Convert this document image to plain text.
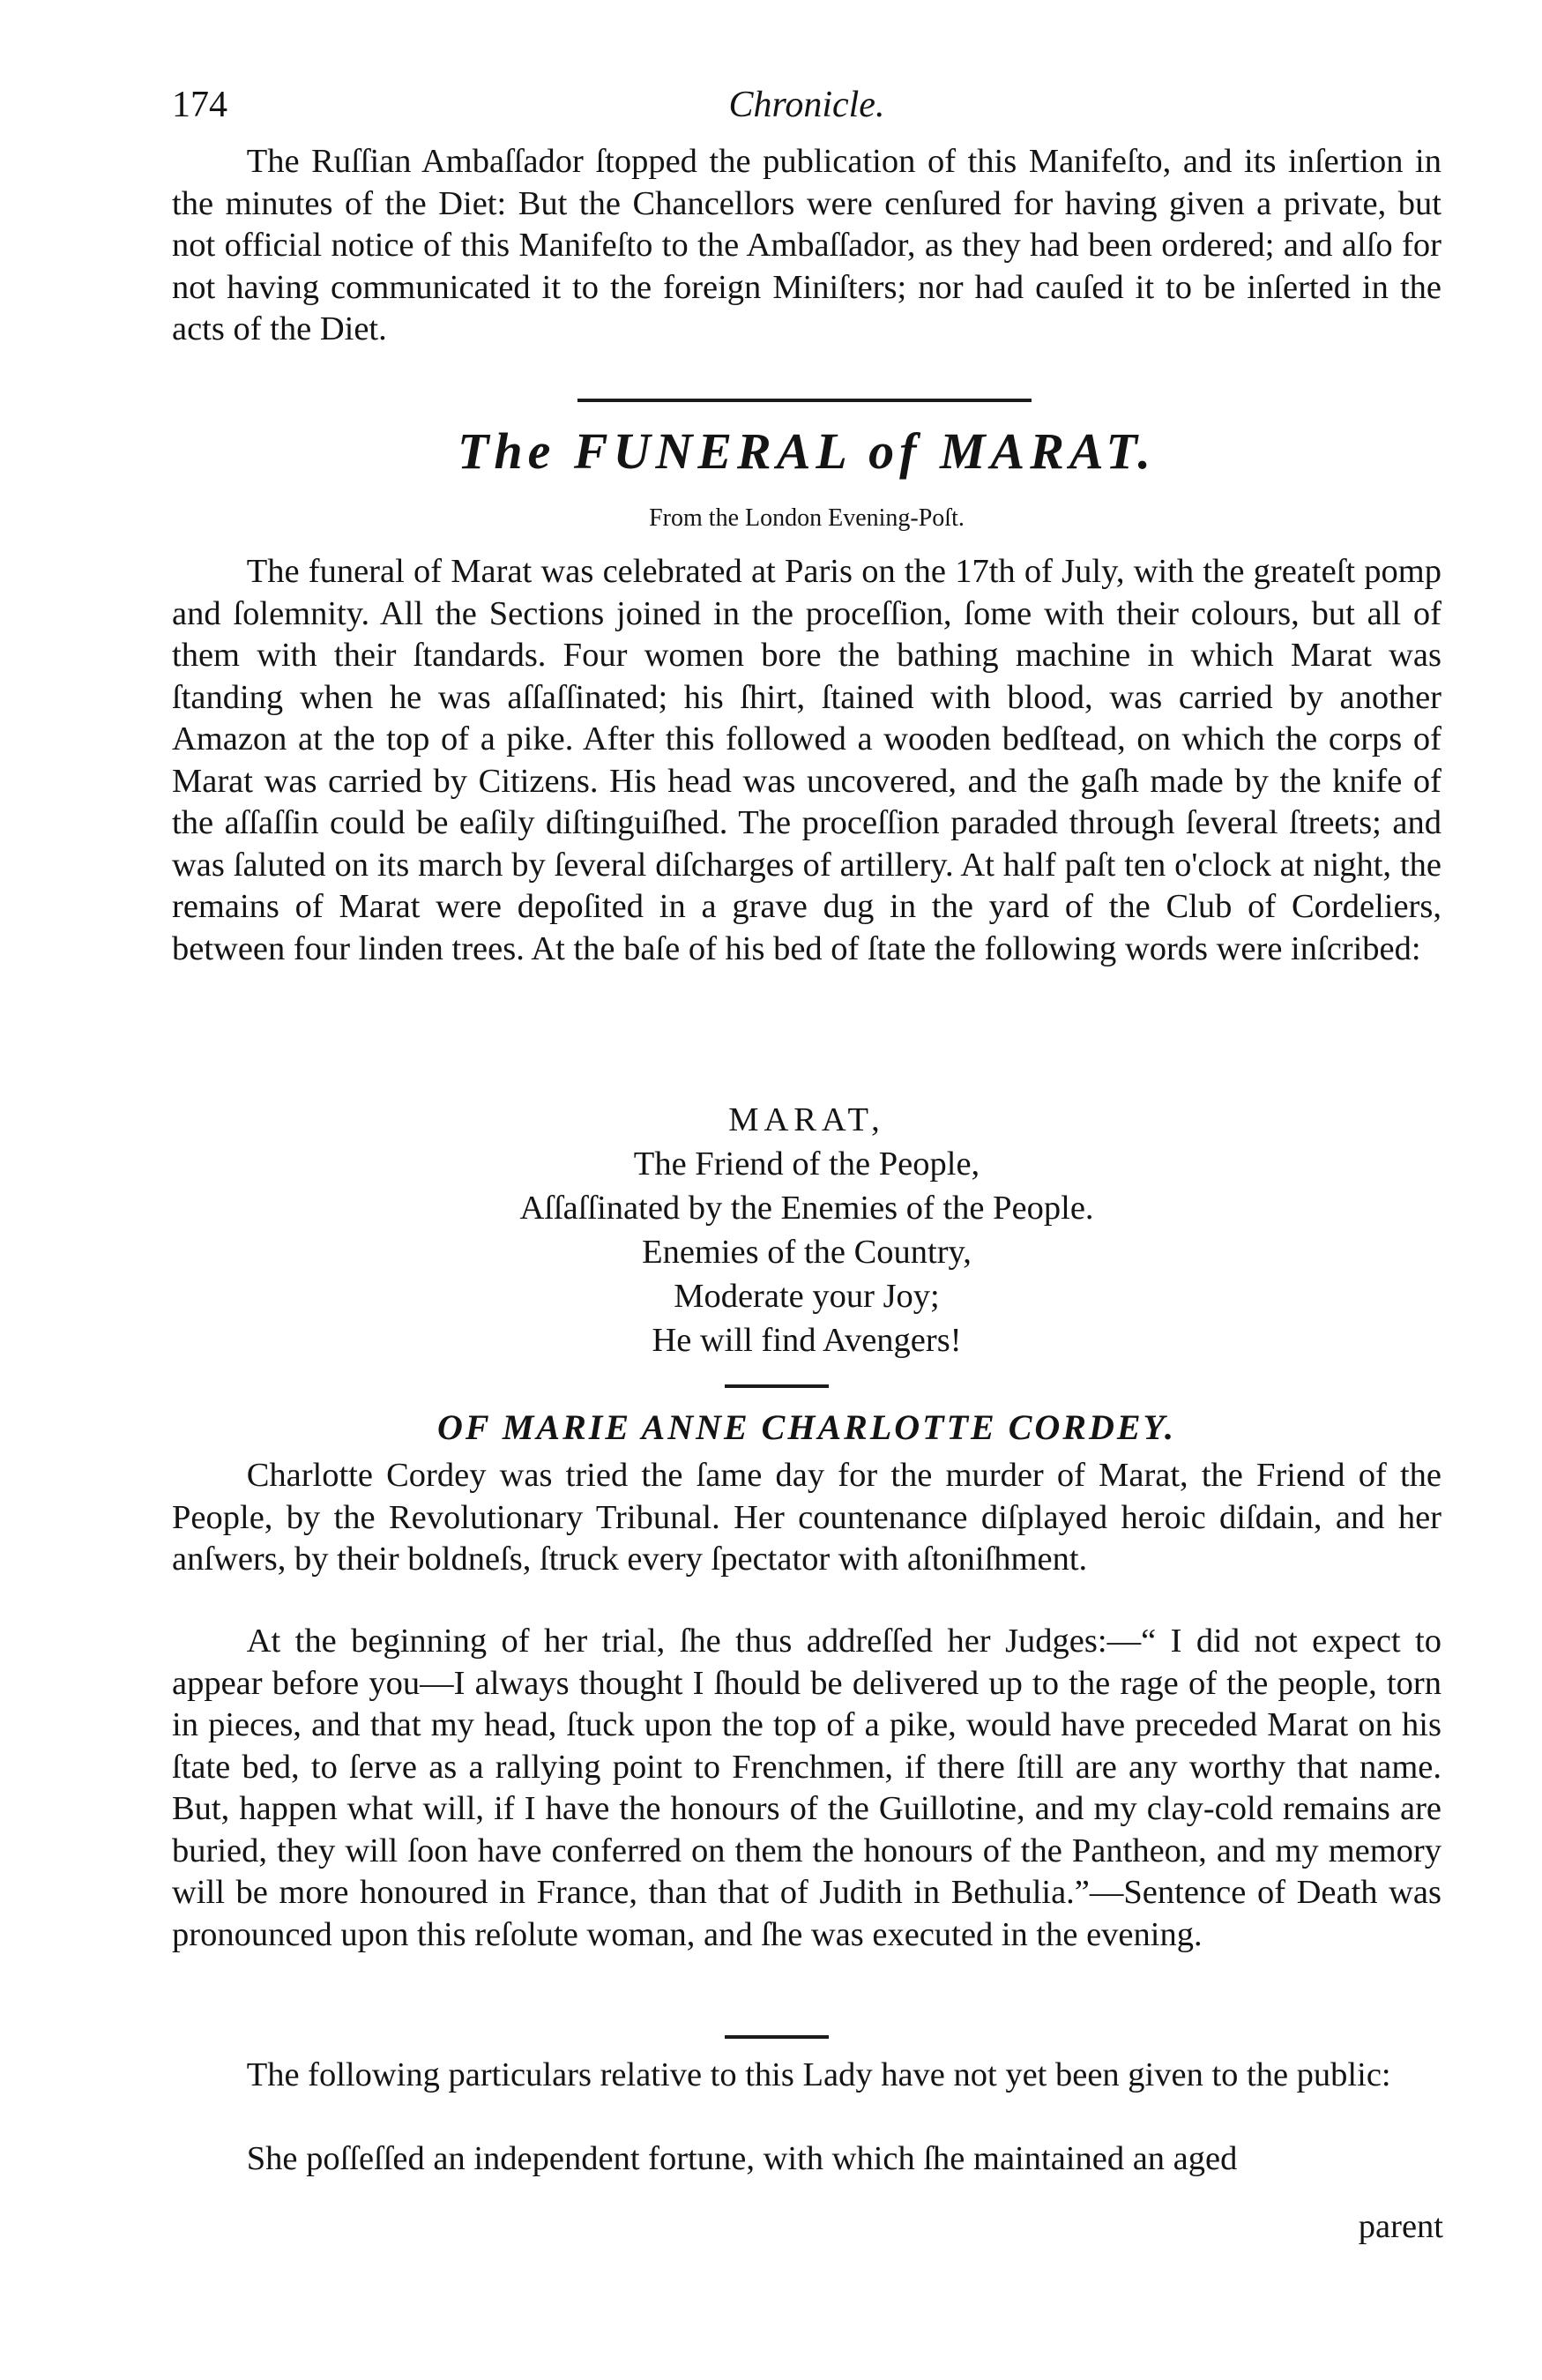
174	Chronicle.

The Ruſſian Ambaſſador ſtopped the publication of this Manifeſto, and its inſertion in the minutes of the Diet: But the Chancellors were cenſured for having given a private, but not official notice of this Manifeſto to the Ambaſſador, as they had been ordered; and alſo for not having communicated it to the foreign Miniſters; nor had cauſed it to be inſerted in the acts of the Diet.

The FUNERAL of MARAT.

From the London Evening-Poſt.

The funeral of Marat was celebrated at Paris on the 17th of July, with the greateſt pomp and ſolemnity. All the Sections joined in the proceſſion, ſome with their colours, but all of them with their ſtandards. Four women bore the bathing machine in which Marat was ſtanding when he was aſſaſſinated; his ſhirt, ſtained with blood, was carried by another Amazon at the top of a pike. After this followed a wooden bedſtead, on which the corps of Marat was carried by Citizens. His head was uncovered, and the gaſh made by the knife of the aſſaſſin could be eaſily diſtinguiſhed. The proceſſion paraded through ſeveral ſtreets; and was ſaluted on its march by ſeveral diſcharges of artillery. At half paſt ten o'clock at night, the remains of Marat were depoſited in a grave dug in the yard of the Club of Cordeliers, between four linden trees. At the baſe of his bed of ſtate the following words were inſcribed:

MARAT,
The Friend of the People,
Aſſaſſinated by the Enemies of the People.
Enemies of the Country,
Moderate your Joy;
He will find Avengers!
OF MARIE ANNE CHARLOTTE CORDEY.

Charlotte Cordey was tried the ſame day for the murder of Marat, the Friend of the People, by the Revolutionary Tribunal. Her countenance diſplayed heroic diſdain, and her anſwers, by their boldneſs, ſtruck every ſpectator with aſtoniſhment.

At the beginning of her trial, ſhe thus addreſſed her Judges:—“ I did not expect to appear before you—I always thought I ſhould be delivered up to the rage of the people, torn in pieces, and that my head, ſtuck upon the top of a pike, would have preceded Marat on his ſtate bed, to ſerve as a rallying point to Frenchmen, if there ſtill are any worthy that name. But, happen what will, if I have the honours of the Guillotine, and my clay-cold remains are buried, they will ſoon have conferred on them the honours of the Pantheon, and my memory will be more honoured in France, than that of Judith in Bethulia.”—Sentence of Death was pronounced upon this reſolute woman, and ſhe was executed in the evening.

The following particulars relative to this Lady have not yet been given to the public:

She poſſeſſed an independent fortune, with which ſhe maintained an aged

parent
